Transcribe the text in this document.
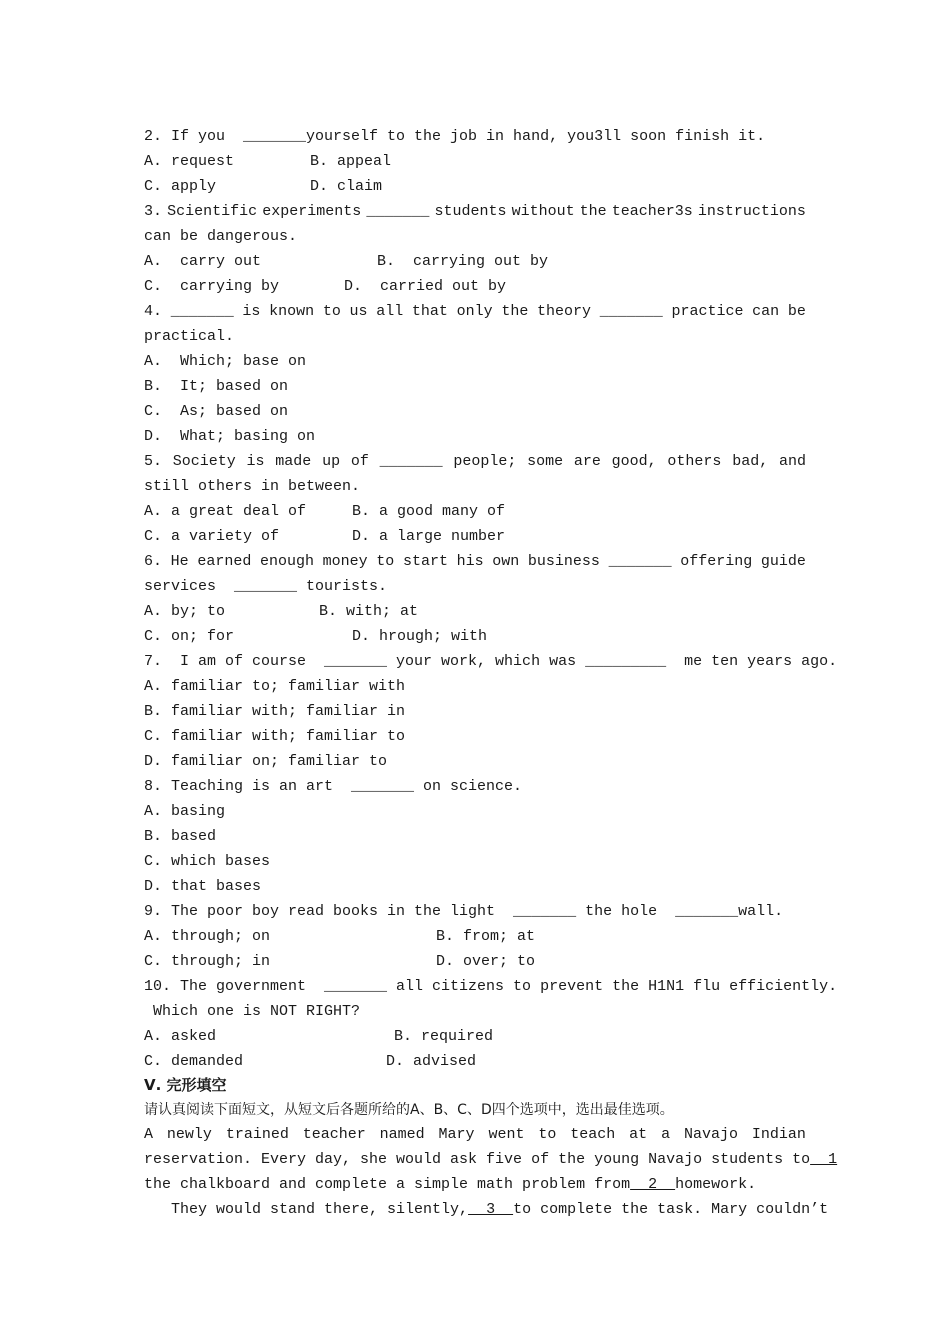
2. If you  _______yourself to the job in hand, you3ll soon finish it.
A. request	B. appeal
C. apply	D. claim
3. Scientific experiments _______ students without the teacher3s instructions
can be dangerous.
A.  carry out	B.  carrying out by
C.  carrying by	D.  carried out by
4. _______ is known to us all that only the theory _______ practice can be
practical.
A.  Which; base on
B.  It; based on
C.  As; based on
D.  What; basing on
5. Society is made up of _______ people; some are good, others bad, and
still others in between.
A. a great deal of	B. a good many of
C. a variety of	D. a large number
6. He earned enough money to start his own business _______ offering guide
services  _______ tourists.
A. by; to	B. with; at
C. on; for	D. hrough; with
7.  I am of course  _______ your work, which was _________  me ten years ago.
A. familiar to; familiar with
B. familiar with; familiar in
C. familiar with; familiar to
D. familiar on; familiar to
8. Teaching is an art  _______ on science.
A. basing
B. based
C. which bases
D. that bases
9. The poor boy read books in the light  _______ the hole  _______wall.
A. through; on	B. from; at
C. through; in	D. over; to
10. The government  _______ all citizens to prevent the H1N1 flu efficiently.
Which one is NOT RIGHT?
A. asked	B. required
C. demanded	D. advised
Ⅴ. 完形填空
请认真阅读下面短文，从短文后各题所给的A、B、C、D四个选项中，选出最佳选项。
A newly trained teacher named Mary went to teach at a Navajo Indian
reservation. Every day, she would ask five of the young Navajo students to  1
the chalkboard and complete a simple math problem from  2  homework.
They would stand there, silently,  3  to complete the task. Mary couldn’t
